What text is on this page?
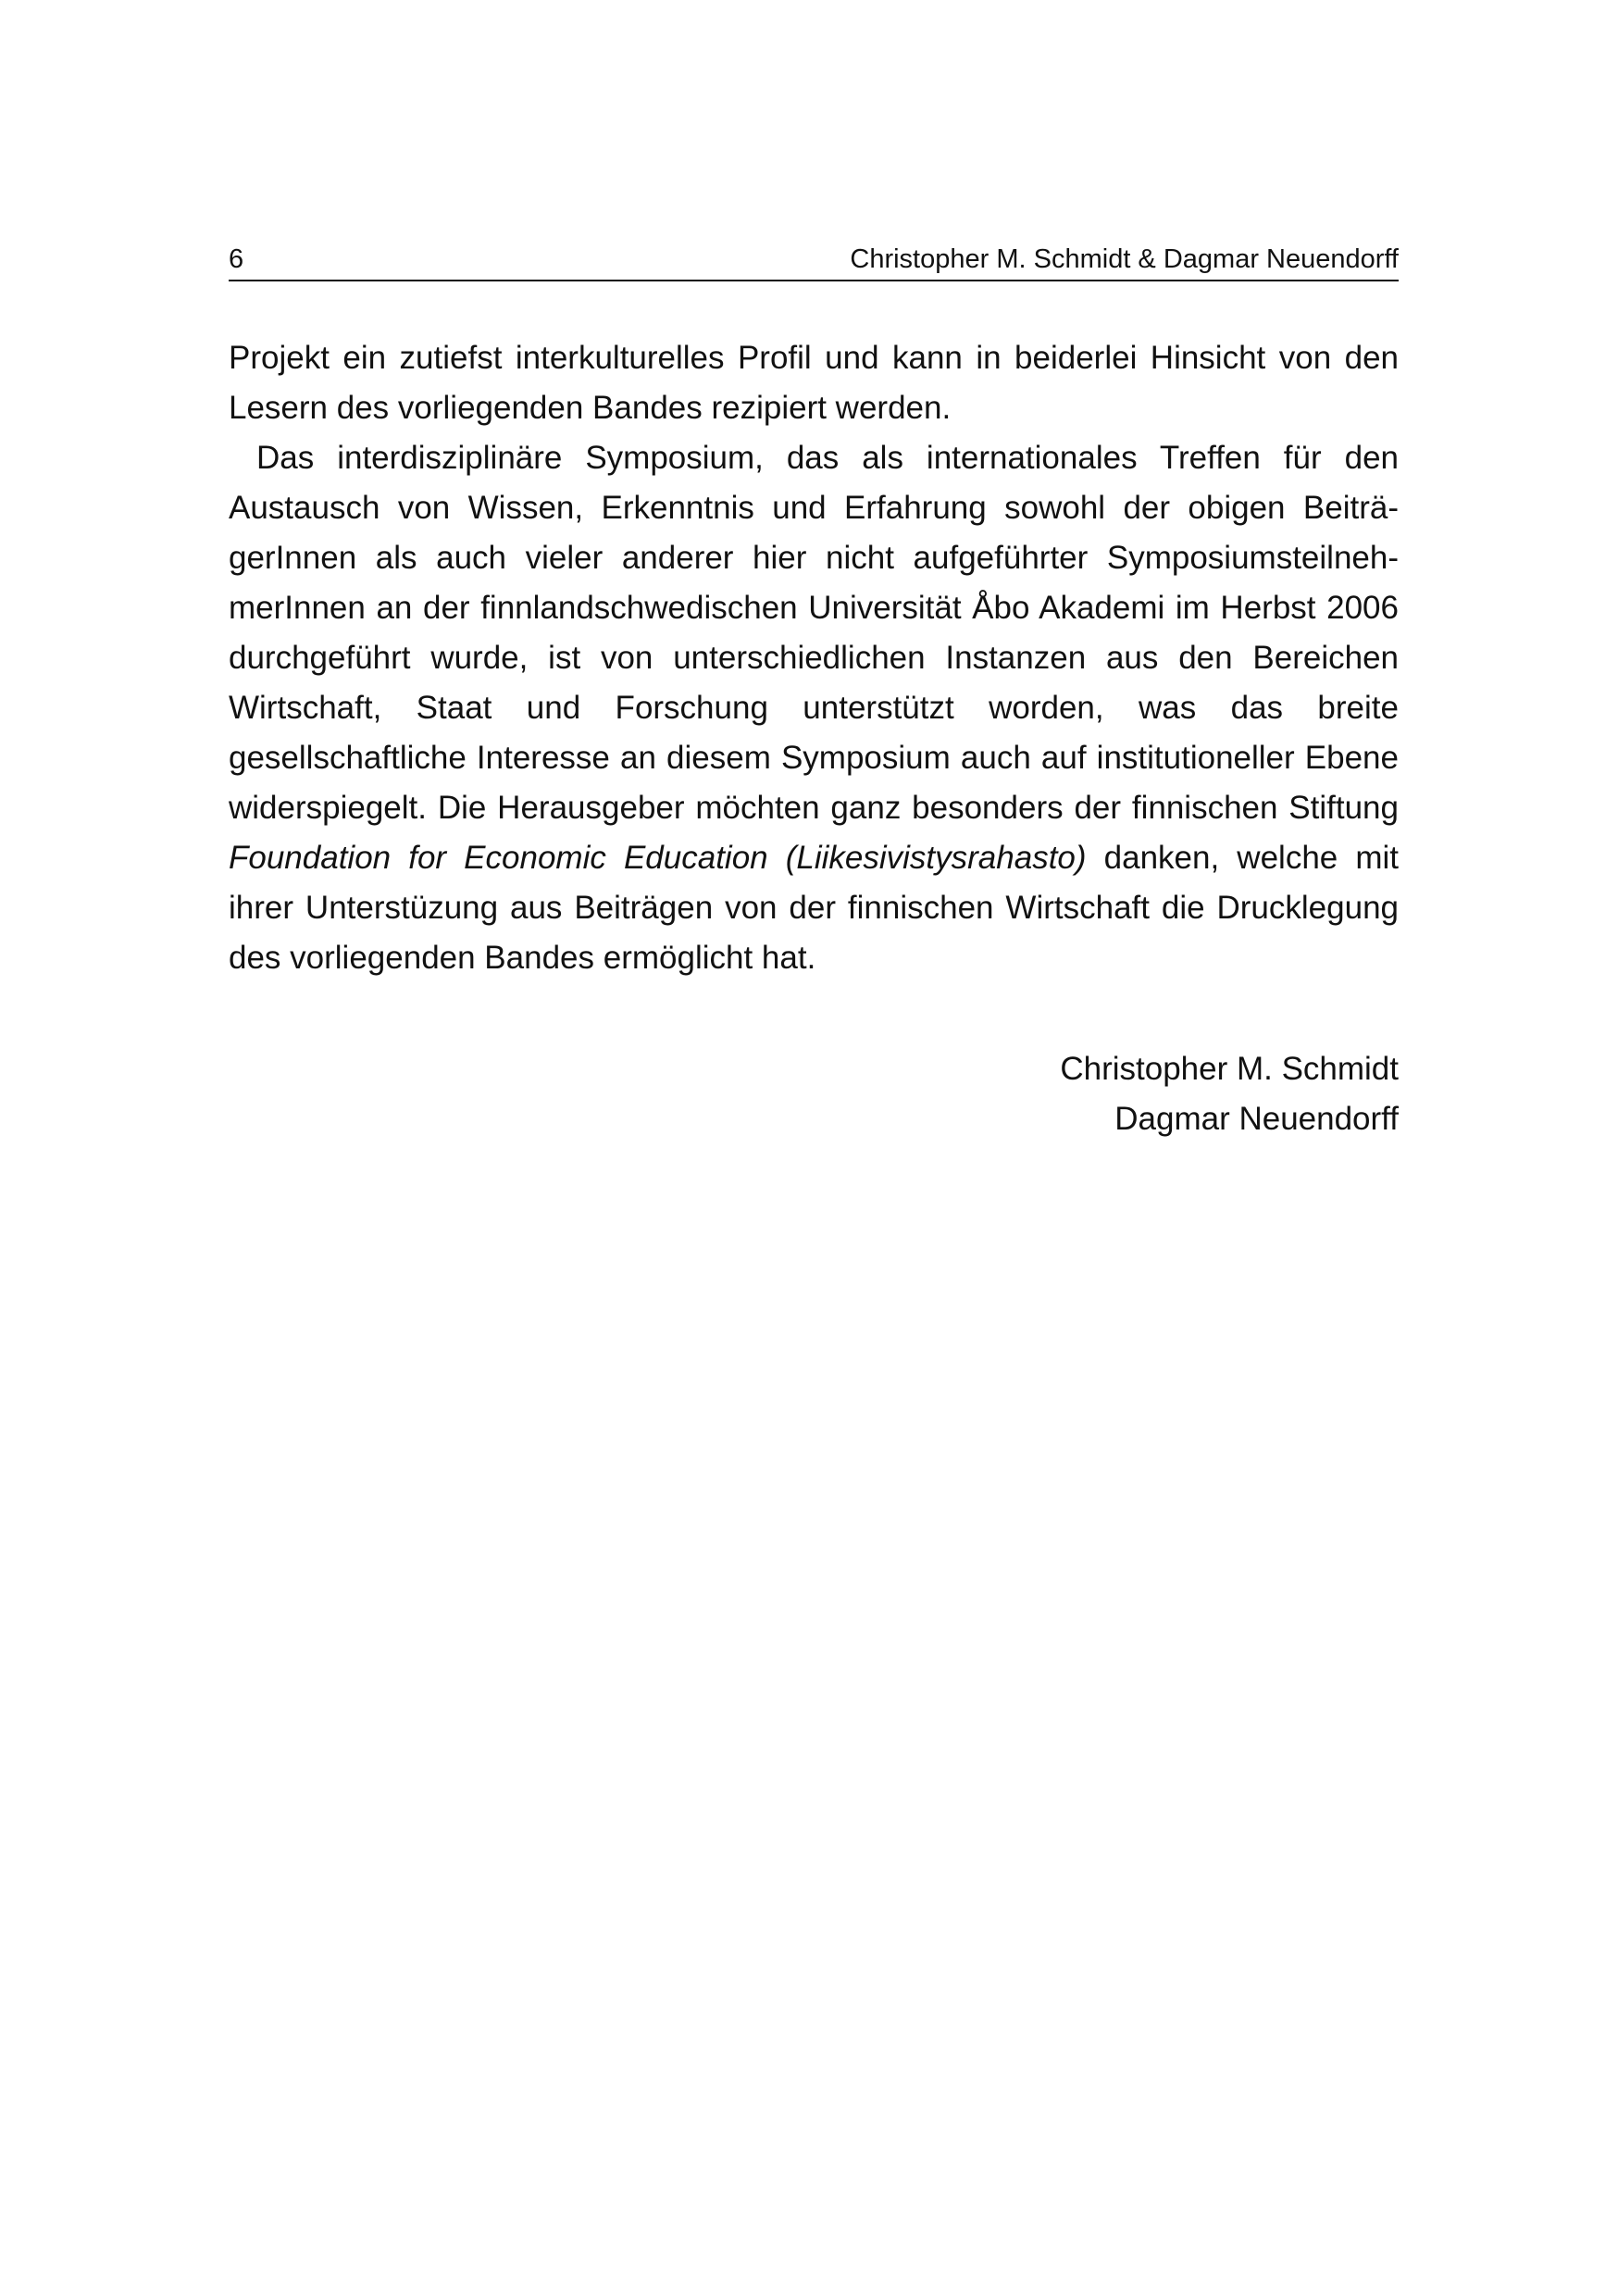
6	Christopher M. Schmidt & Dagmar Neuendorff

Projekt ein zutiefst interkulturelles Profil und kann in beiderlei Hinsicht von den Lesern des vorliegenden Bandes rezipiert werden.

Das interdisziplinäre Symposium, das als internationales Treffen für den Austausch von Wissen, Erkenntnis und Erfahrung sowohl der obigen BeiträgerInnen als auch vieler anderer hier nicht aufgeführter SymposiumsteilnehmerInnen an der finnlandschwedischen Universität Åbo Akademi im Herbst 2006 durchgeführt wurde, ist von unterschiedlichen Instanzen aus den Bereichen Wirtschaft, Staat und Forschung unterstützt worden, was das breite gesellschaftliche Interesse an diesem Symposium auch auf institutioneller Ebene widerspiegelt. Die Herausgeber möchten ganz besonders der finnischen Stiftung Foundation for Economic Education (Liikesivistysrahasto) danken, welche mit ihrer Unterstüzung aus Beiträgen von der finnischen Wirtschaft die Drucklegung des vorliegenden Bandes ermöglicht hat.

Christopher M. Schmidt
Dagmar Neuendorff
